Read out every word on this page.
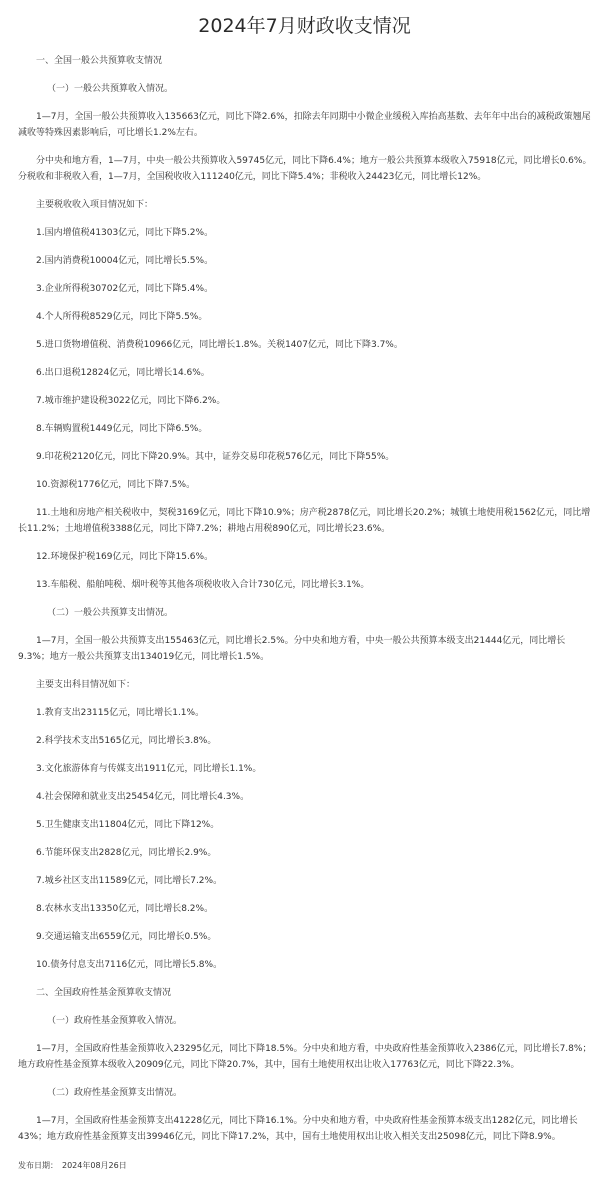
2024年7月财政收支情况

一、全国一般公共预算收支情况

（一）一般公共预算收入情况。

1—7月，全国一般公共预算收入135663亿元，同比下降2.6%，扣除去年同期中小微企业缓税入库抬高基数、去年年中出台的减税政策翘尾减收等特殊因素影响后，可比增长1.2%左右。

分中央和地方看，1—7月，中央一般公共预算收入59745亿元，同比下降6.4%；地方一般公共预算本级收入75918亿元，同比增长0.6%。分税收和非税收入看，1—7月，全国税收收入111240亿元，同比下降5.4%；非税收入24423亿元，同比增长12%。

主要税收收入项目情况如下：

1.国内增值税41303亿元，同比下降5.2%。

2.国内消费税10004亿元，同比增长5.5%。

3.企业所得税30702亿元，同比下降5.4%。

4.个人所得税8529亿元，同比下降5.5%。

5.进口货物增值税、消费税10966亿元，同比增长1.8%。关税1407亿元，同比下降3.7%。

6.出口退税12824亿元，同比增长14.6%。

7.城市维护建设税3022亿元，同比下降6.2%。

8.车辆购置税1449亿元，同比下降6.5%。

9.印花税2120亿元，同比下降20.9%。其中，证券交易印花税576亿元，同比下降55%。

10.资源税1776亿元，同比下降7.5%。

11.土地和房地产相关税收中，契税3169亿元，同比下降10.9%；房产税2878亿元，同比增长20.2%；城镇土地使用税1562亿元，同比增长11.2%；土地增值税3388亿元，同比下降7.2%；耕地占用税890亿元，同比增长23.6%。

12.环境保护税169亿元，同比下降15.6%。

13.车船税、船舶吨税、烟叶税等其他各项税收收入合计730亿元，同比增长3.1%。

（二）一般公共预算支出情况。

1—7月，全国一般公共预算支出155463亿元，同比增长2.5%。分中央和地方看，中央一般公共预算本级支出21444亿元，同比增长9.3%；地方一般公共预算支出134019亿元，同比增长1.5%。

主要支出科目情况如下：

1.教育支出23115亿元，同比增长1.1%。

2.科学技术支出5165亿元，同比增长3.8%。

3.文化旅游体育与传媒支出1911亿元，同比增长1.1%。

4.社会保障和就业支出25454亿元，同比增长4.3%。

5.卫生健康支出11804亿元，同比下降12%。

6.节能环保支出2828亿元，同比增长2.9%。

7.城乡社区支出11589亿元，同比增长7.2%。

8.农林水支出13350亿元，同比增长8.2%。

9.交通运输支出6559亿元，同比增长0.5%。

10.债务付息支出7116亿元，同比增长5.8%。

二、全国政府性基金预算收支情况

（一）政府性基金预算收入情况。

1—7月，全国政府性基金预算收入23295亿元，同比下降18.5%。分中央和地方看，中央政府性基金预算收入2386亿元，同比增长7.8%；地方政府性基金预算本级收入20909亿元，同比下降20.7%，其中，国有土地使用权出让收入17763亿元，同比下降22.3%。

（二）政府性基金预算支出情况。

1—7月，全国政府性基金预算支出41228亿元，同比下降16.1%。分中央和地方看，中央政府性基金预算本级支出1282亿元，同比增长43%；地方政府性基金预算支出39946亿元，同比下降17.2%，其中，国有土地使用权出让收入相关支出25098亿元，同比下降8.9%。

发布日期： 2024年08月26日
